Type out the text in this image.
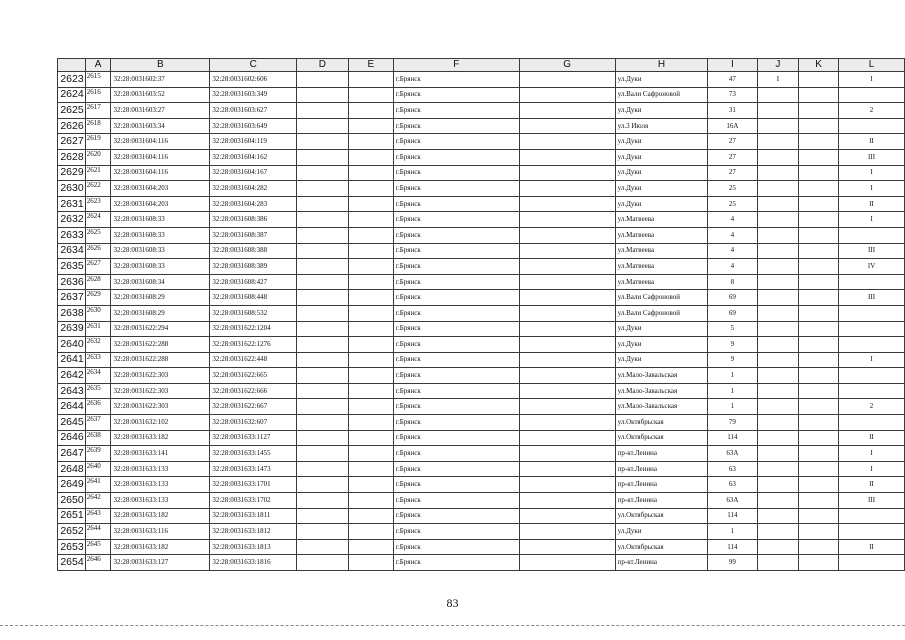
	A	B	C	D	E	F	G	H	I	J	K	L
2623	2615	32:28:0031602:37	32:28:0031602:606			г.Брянск		ул.Дуки	47	I		I
2624	2616	32:28:0031603:52	32:28:0031603:349			г.Брянск		ул.Вали Сафроновой	73			
2625	2617	32:28:0031603:27	32:28:0031603:627			г.Брянск		ул.Дуки	31			2
2626	2618	32:28:0031603:34	32:28:0031603:649			г.Брянск		ул.3 Июля	16А			
2627	2619	32:28:0031604:116	32:28:0031604:119			г.Брянск		ул.Дуки	27			II
2628	2620	32:28:0031604:116	32:28:0031604:162			г.Брянск		ул.Дуки	27			III
2629	2621	32:28:0031604:116	32:28:0031604:167			г.Брянск		ул.Дуки	27			I
2630	2622	32:28:0031604:203	32:28:0031604:282			г.Брянск		ул.Дуки	25			I
2631	2623	32:28:0031604:203	32:28:0031604:283			г.Брянск		ул.Дуки	25			II
2632	2624	32:28:0031608:33	32:28:0031608:386			г.Брянск		ул.Матвеева	4			I
2633	2625	32:28:0031608:33	32:28:0031608:387			г.Брянск		ул.Матвеева	4			
2634	2626	32:28:0031608:33	32:28:0031608:388			г.Брянск		ул.Матвеева	4			III
2635	2627	32:28:0031608:33	32:28:0031608:389			г.Брянск		ул.Матвеева	4			IV
2636	2628	32:28:0031608:34	32:28:0031608:427			г.Брянск		ул.Матвеева	8			
2637	2629	32:28:0031608:29	32:28:0031608:448			г.Брянск		ул.Вали Сафроновой	69			III
2638	2630	32:28:0031608:29	32:28:0031608:532			г.Брянск		ул.Вали Сафроновой	69			
2639	2631	32:28:0031622:294	32:28:0031622:1204			г.Брянск		ул.Дуки	5			
2640	2632	32:28:0031622:288	32:28:0031622:1276			г.Брянск		ул.Дуки	9			
2641	2633	32:28:0031622:288	32:28:0031622:448			г.Брянск		ул.Дуки	9			I
2642	2634	32:28:0031622:303	32:28:0031622:665			г.Брянск		ул.Мало-Завальская	1			
2643	2635	32:28:0031622:303	32:28:0031622:666			г.Брянск		ул.Мало-Завальская	1			
2644	2636	32:28:0031622:303	32:28:0031622:667			г.Брянск		ул.Мало-Завальская	1			2
2645	2637	32:28:0031632:102	32:28:0031632:607			г.Брянск		ул.Октябрьская	79			
2646	2638	32:28:0031633:182	32:28:0031633:1127			г.Брянск		ул.Октябрьская	114			II
2647	2639	32:28:0031633:141	32:28:0031633:1455			г.Брянск		пр-кт.Ленина	63А			I
2648	2640	32:28:0031633:133	32:28:0031633:1473			г.Брянск		пр-кт.Ленина	63			I
2649	2641	32:28:0031633:133	32:28:0031633:1701			г.Брянск		пр-кт.Ленина	63			II
2650	2642	32:28:0031633:133	32:28:0031633:1702			г.Брянск		пр-кт.Ленина	63А			III
2651	2643	32:28:0031633:182	32:28:0031633:1811			г.Брянск		ул.Октябрьская	114			
2652	2644	32:28:0031633:116	32:28:0031633:1812			г.Брянск		ул.Дуки	1			
2653	2645	32:28:0031633:182	32:28:0031633:1813			г.Брянск		ул.Октябрьская	114			II
2654	2646	32:28:0031633:127	32:28:0031633:1816			г.Брянск		пр-кт.Ленина	99			
83
